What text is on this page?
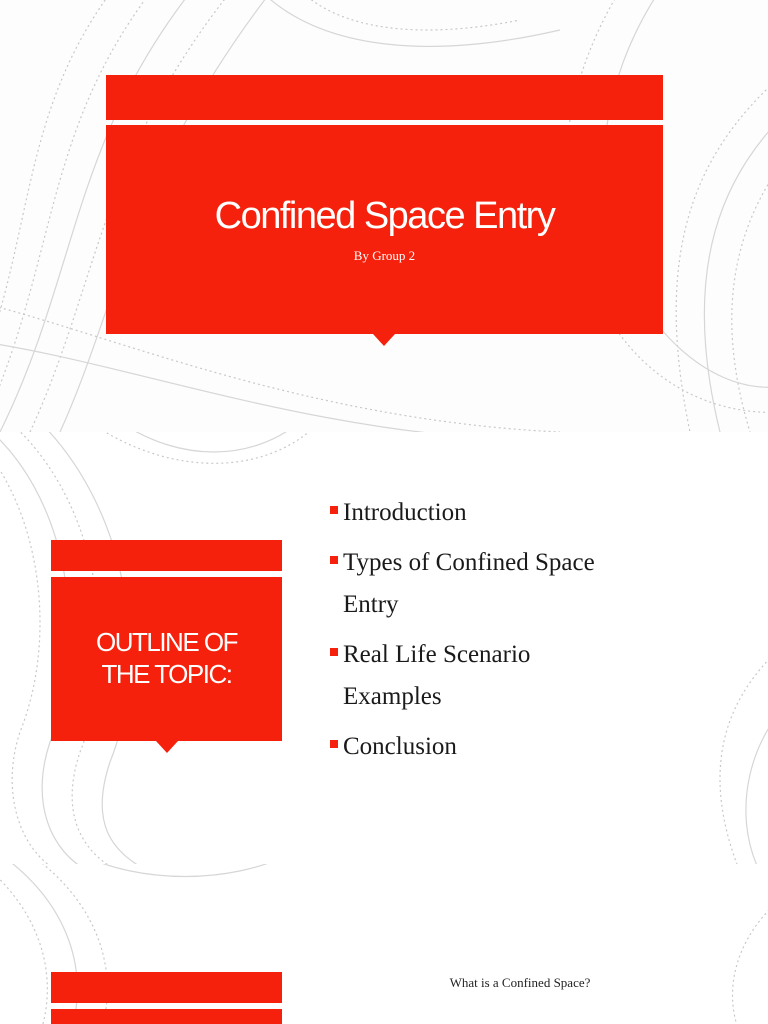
Confined Space Entry
By Group 2
OUTLINE OF
THE TOPIC:
Introduction
Types of Confined Space
Entry
Real Life Scenario
Examples
Conclusion
What is a Confined Space?
